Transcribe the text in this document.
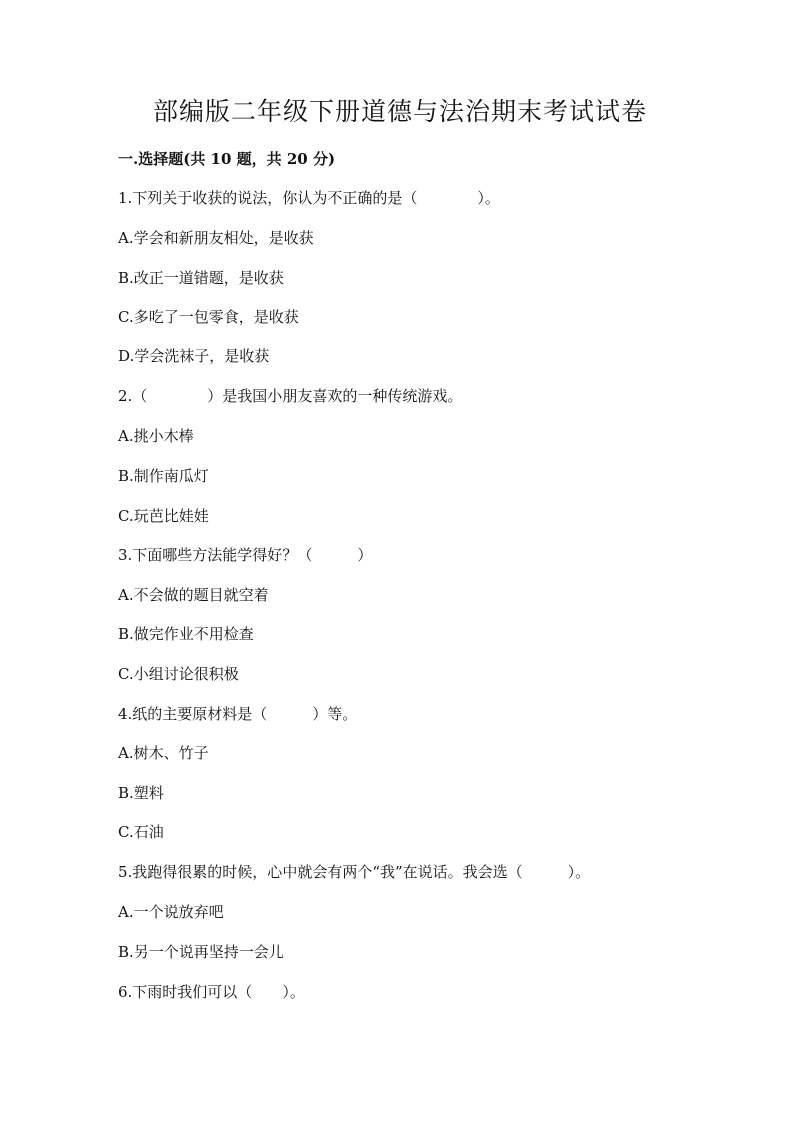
部编版二年级下册道德与法治期末考试试卷
一.选择题(共 10 题，共 20 分)
1.下列关于收获的说法，你认为不正确的是（　　　　）。
A.学会和新朋友相处，是收获
B.改正一道错题，是收获
C.多吃了一包零食，是收获
D.学会洗袜子，是收获
2.（　　　　）是我国小朋友喜欢的一种传统游戏。
A.挑小木棒
B.制作南瓜灯
C.玩芭比娃娃
3.下面哪些方法能学得好？（　　　）
A.不会做的题目就空着
B.做完作业不用检查
C.小组讨论很积极
4.纸的主要原材料是（　　　）等。
A.树木、竹子
B.塑料
C.石油
5.我跑得很累的时候，心中就会有两个“我”在说话。我会选（　　　）。
A.一个说放弃吧
B.另一个说再坚持一会儿
6.下雨时我们可以（　　）。
